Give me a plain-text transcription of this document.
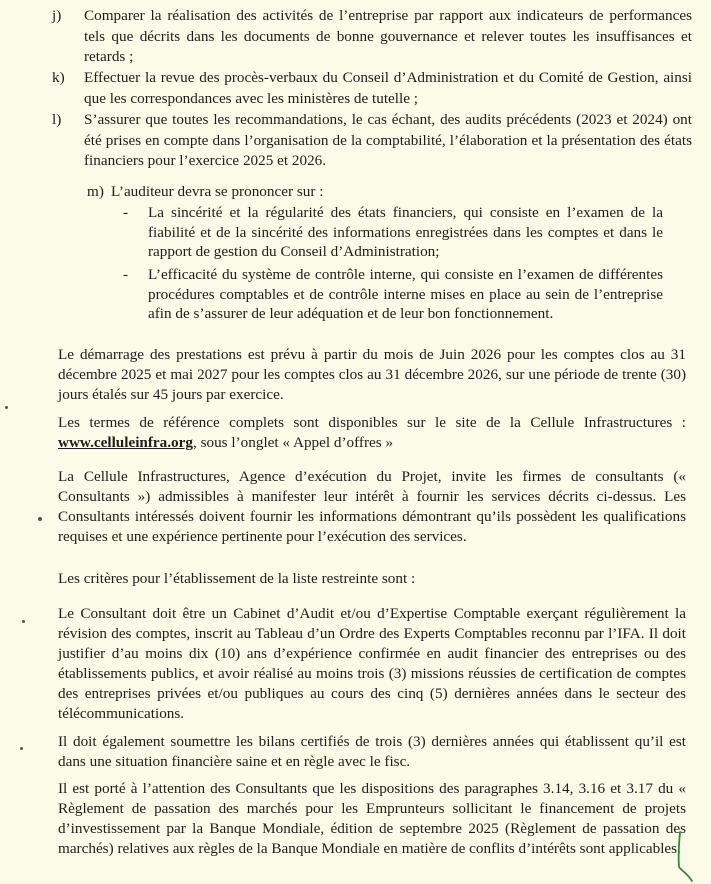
j)	Comparer la réalisation des activités de l’entreprise par rapport aux indicateurs de performances tels que décrits dans les documents de bonne gouvernance et relever toutes les insuffisances et retards ;
k)	Effectuer la revue des procès-verbaux du Conseil d’Administration et du Comité de Gestion, ainsi que les correspondances avec les ministères de tutelle ;
l)	S’assurer que toutes les recommandations, le cas échant, des audits précédents (2023 et 2024) ont été prises en compte dans l’organisation de la comptabilité, l’élaboration et la présentation des états financiers pour l’exercice 2025 et 2026.
m) L’auditeur devra se prononcer sur :
- La sincérité et la régularité des états financiers, qui consiste en l’examen de la fiabilité et de la sincérité des informations enregistrées dans les comptes et dans le rapport de gestion du Conseil d’Administration;
- L’efficacité du système de contrôle interne, qui consiste en l’examen de différentes procédures comptables et de contrôle interne mises en place au sein de l’entreprise afin de s’assurer de leur adéquation et de leur bon fonctionnement.
Le démarrage des prestations est prévu à partir du mois de Juin 2026 pour les comptes clos au 31 décembre 2025 et mai 2027 pour les comptes clos au 31 décembre 2026, sur une période de trente (30) jours étalés sur 45 jours par exercice.
Les termes de référence complets sont disponibles sur le site de la Cellule Infrastructures : www.celluleinfra.org, sous l’onglet « Appel d’offres »
La Cellule Infrastructures, Agence d’exécution du Projet, invite les firmes de consultants (« Consultants ») admissibles à manifester leur intérêt à fournir les services décrits ci-dessus. Les Consultants intéressés doivent fournir les informations démontrant qu’ils possèdent les qualifications requises et une expérience pertinente pour l’exécution des services.
Les critères pour l’établissement de la liste restreinte sont :
Le Consultant doit être un Cabinet d’Audit et/ou d’Expertise Comptable exerçant régulièrement la révision des comptes, inscrit au Tableau d’un Ordre des Experts Comptables reconnu par l’IFA. Il doit justifier d’au moins dix (10) ans d’expérience confirmée en audit financier des entreprises ou des établissements publics, et avoir réalisé au moins trois (3) missions réussies de certification de comptes des entreprises privées et/ou publiques au cours des cinq (5) dernières années dans le secteur des télécommunications.
Il doit également soumettre les bilans certifiés de trois (3) dernières années qui établissent qu’il est dans une situation financière saine et en règle avec le fisc.
Il est porté à l’attention des Consultants que les dispositions des paragraphes 3.14, 3.16 et 3.17 du « Règlement de passation des marchés pour les Emprunteurs sollicitant le financement de projets d’investissement par la Banque Mondiale, édition de septembre 2025 (Règlement de passation des marchés) relatives aux règles de la Banque Mondiale en matière de conflits d’intérêts sont applicables.
